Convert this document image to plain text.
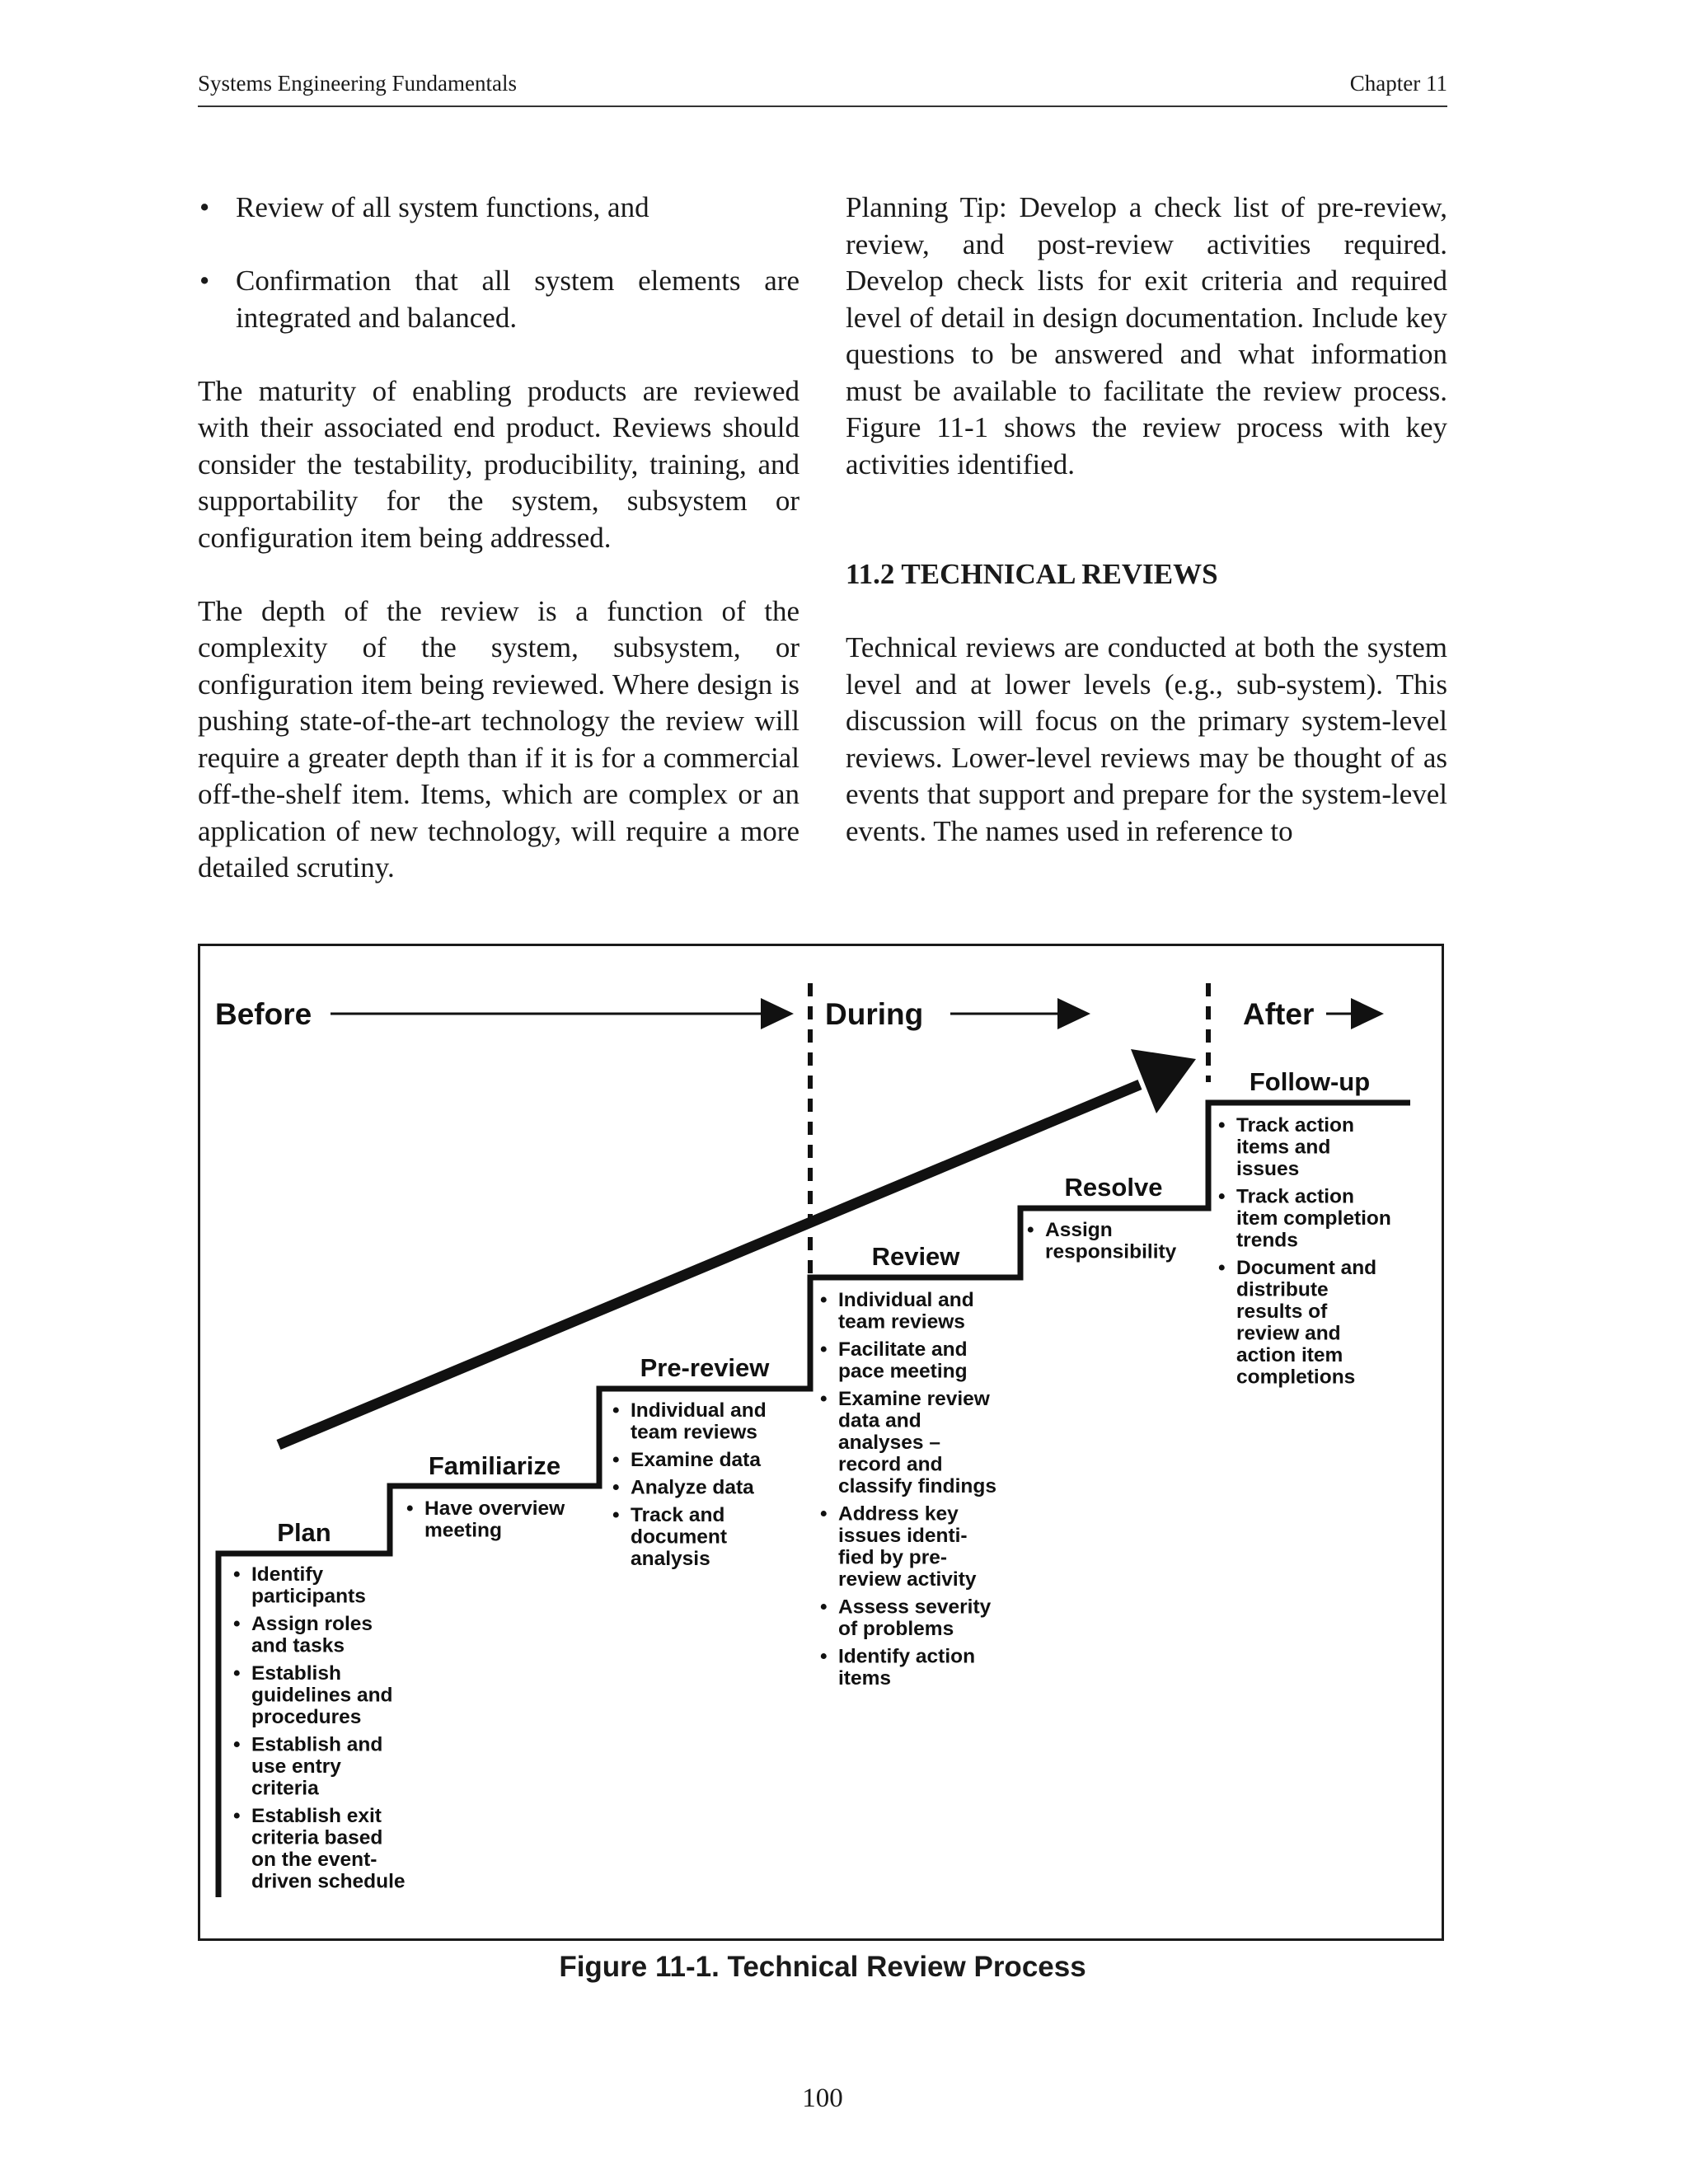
Systems Engineering Fundamentals	Chapter 11
• Review of all system functions, and
• Confirmation that all system elements are integrated and balanced.

The maturity of enabling products are reviewed with their associated end product. Reviews should consider the testability, producibility, training, and supportability for the system, subsystem or configuration item being addressed.

The depth of the review is a function of the complexity of the system, subsystem, or configuration item being reviewed. Where design is pushing state-of-the-art technology the review will require a greater depth than if it is for a commercial off-the-shelf item. Items, which are complex or an application of new technology, will require a more detailed scrutiny.

Planning Tip: Develop a check list of pre-review, review, and post-review activities required. Develop check lists for exit criteria and required level of detail in design documentation. Include key questions to be answered and what information must be available to facilitate the review process. Figure 11-1 shows the review process with key activities identified.

11.2 TECHNICAL REVIEWS

Technical reviews are conducted at both the system level and at lower levels (e.g., sub-system). This discussion will focus on the primary system-level reviews. Lower-level reviews may be thought of as events that support and prepare for the system-level events. The names used in reference to

Before	During	After
Plan
• Identify
participants
• Assign roles
and tasks
• Establish
guidelines and
procedures
• Establish and
use entry
criteria
• Establish exit
criteria based
on the event-
driven schedule
Familiarize
• Have overview
meeting
Pre-review
• Individual and
team reviews
• Examine data
• Analyze data
• Track and
document
analysis
Review
• Individual and
team reviews
• Facilitate and
pace meeting
• Examine review
data and
analyses –
record and
classify findings
• Address key
issues identi-
fied by pre-
review activity
• Assess severity
of problems
• Identify action
items
Resolve
• Assign
responsibility
Follow-up
• Track action
items and
issues
• Track action
item completion
trends
• Document and
distribute
results of
review and
action item
completions
Figure 11-1. Technical Review Process
100
